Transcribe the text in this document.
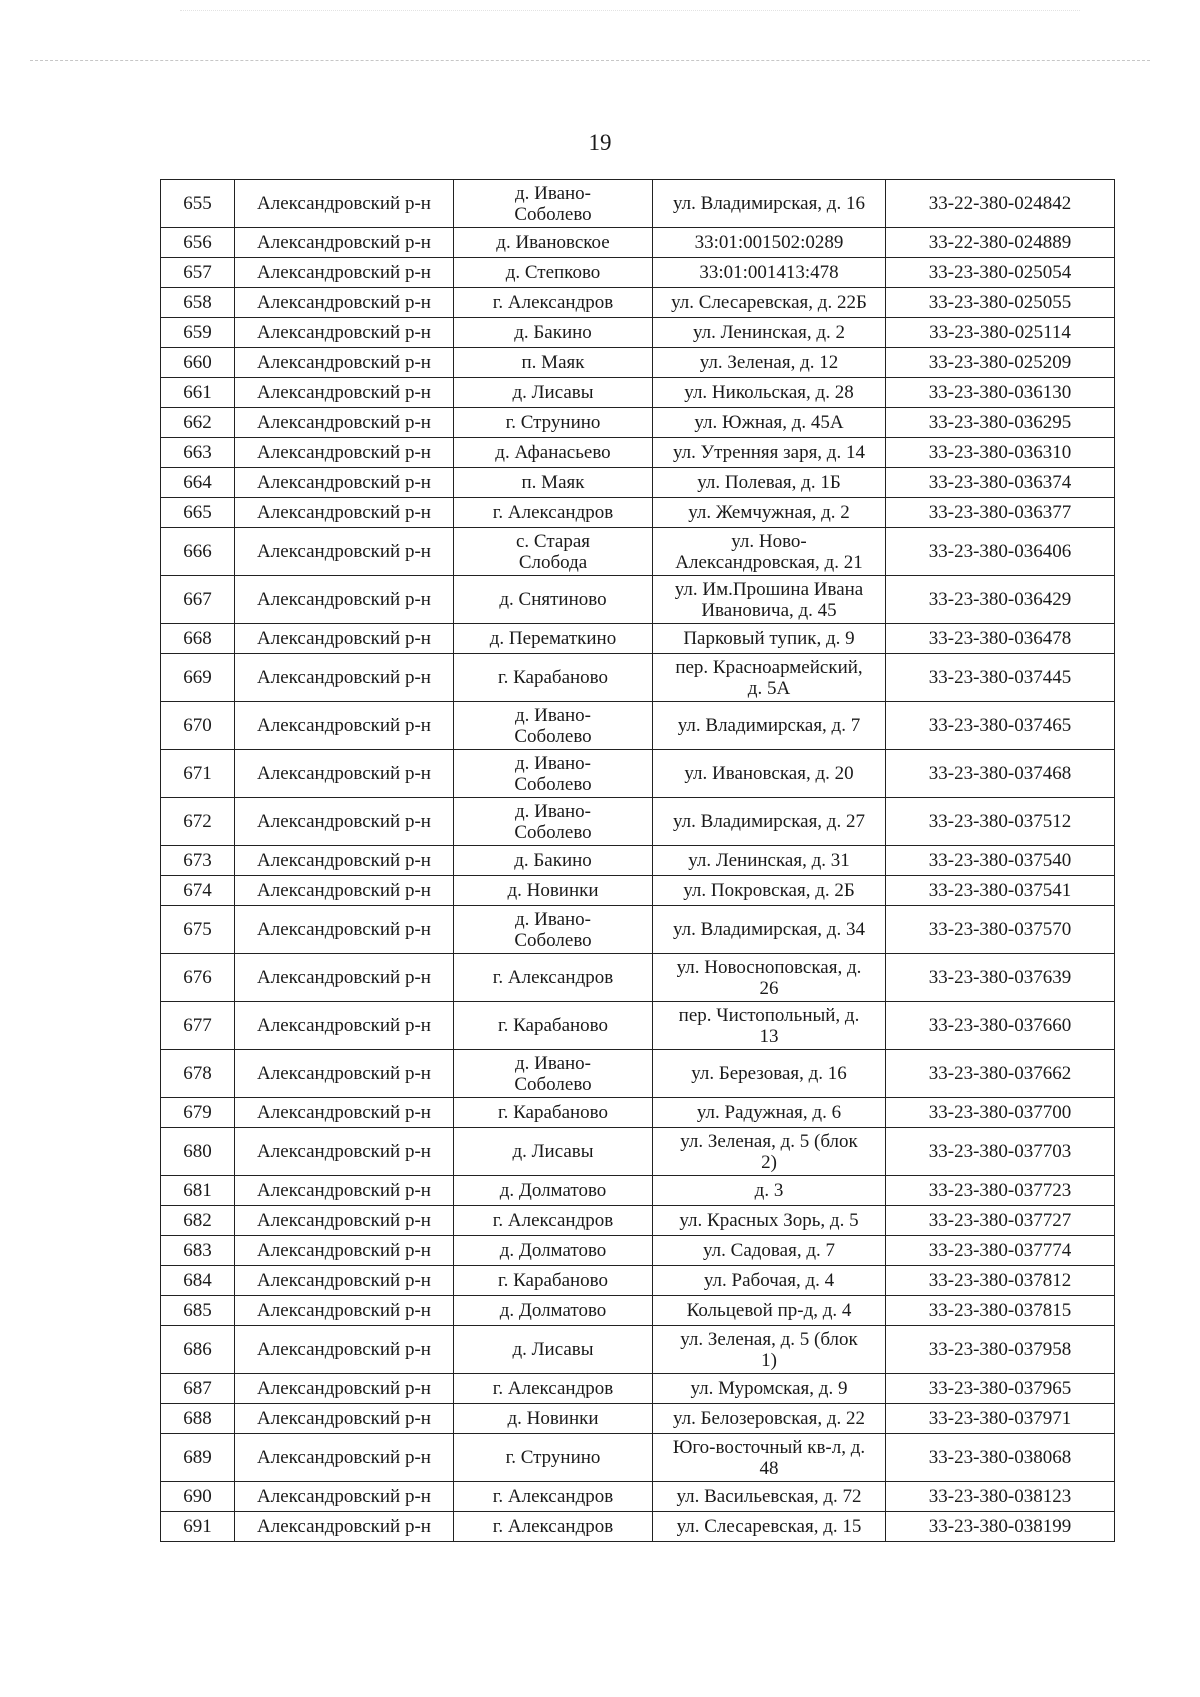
19
655	Александровский р-н	д. Ивано-
Соболево	ул. Владимирская, д. 16	33-22-380-024842
656	Александровский р-н	д. Ивановское	33:01:001502:0289	33-22-380-024889
657	Александровский р-н	д. Степково	33:01:001413:478	33-23-380-025054
658	Александровский р-н	г. Александров	ул. Слесаревская, д. 22Б	33-23-380-025055
659	Александровский р-н	д. Бакино	ул. Ленинская, д. 2	33-23-380-025114
660	Александровский р-н	п. Маяк	ул. Зеленая, д. 12	33-23-380-025209
661	Александровский р-н	д. Лисавы	ул. Никольская, д. 28	33-23-380-036130
662	Александровский р-н	г. Струнино	ул. Южная, д. 45А	33-23-380-036295
663	Александровский р-н	д. Афанасьево	ул. Утренняя заря, д. 14	33-23-380-036310
664	Александровский р-н	п. Маяк	ул. Полевая, д. 1Б	33-23-380-036374
665	Александровский р-н	г. Александров	ул. Жемчужная, д. 2	33-23-380-036377
666	Александровский р-н	с. Старая
Слобода	ул. Ново-
Александровская, д. 21	33-23-380-036406
667	Александровский р-н	д. Снятиново	ул. Им.Прошина Ивана
Ивановича, д. 45	33-23-380-036429
668	Александровский р-н	д. Перематкино	Парковый тупик, д. 9	33-23-380-036478
669	Александровский р-н	г. Карабаново	пер. Красноармейский,
д. 5А	33-23-380-037445
670	Александровский р-н	д. Ивано-
Соболево	ул. Владимирская, д. 7	33-23-380-037465
671	Александровский р-н	д. Ивано-
Соболево	ул. Ивановская, д. 20	33-23-380-037468
672	Александровский р-н	д. Ивано-
Соболево	ул. Владимирская, д. 27	33-23-380-037512
673	Александровский р-н	д. Бакино	ул. Ленинская, д. 31	33-23-380-037540
674	Александровский р-н	д. Новинки	ул. Покровская, д. 2Б	33-23-380-037541
675	Александровский р-н	д. Ивано-
Соболево	ул. Владимирская, д. 34	33-23-380-037570
676	Александровский р-н	г. Александров	ул. Новосноповская, д.
26	33-23-380-037639
677	Александровский р-н	г. Карабаново	пер. Чистопольный, д.
13	33-23-380-037660
678	Александровский р-н	д. Ивано-
Соболево	ул. Березовая, д. 16	33-23-380-037662
679	Александровский р-н	г. Карабаново	ул. Радужная, д. 6	33-23-380-037700
680	Александровский р-н	д. Лисавы	ул. Зеленая, д. 5 (блок
2)	33-23-380-037703
681	Александровский р-н	д. Долматово	д. 3	33-23-380-037723
682	Александровский р-н	г. Александров	ул. Красных Зорь, д. 5	33-23-380-037727
683	Александровский р-н	д. Долматово	ул. Садовая, д. 7	33-23-380-037774
684	Александровский р-н	г. Карабаново	ул. Рабочая, д. 4	33-23-380-037812
685	Александровский р-н	д. Долматово	Кольцевой пр-д, д. 4	33-23-380-037815
686	Александровский р-н	д. Лисавы	ул. Зеленая, д. 5 (блок
1)	33-23-380-037958
687	Александровский р-н	г. Александров	ул. Муромская, д. 9	33-23-380-037965
688	Александровский р-н	д. Новинки	ул. Белозеровская, д. 22	33-23-380-037971
689	Александровский р-н	г. Струнино	Юго-восточный кв-л, д.
48	33-23-380-038068
690	Александровский р-н	г. Александров	ул. Васильевская, д. 72	33-23-380-038123
691	Александровский р-н	г. Александров	ул. Слесаревская, д. 15	33-23-380-038199
